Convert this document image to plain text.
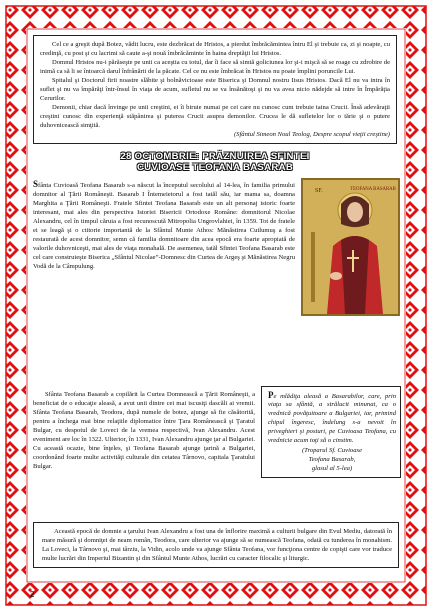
Cel ce a greşit după Botez, vădit lucru, este dezbrăcat de Hristos, a pierdut îmbrăcămintea întru El şi trebuie ca, zi şi noapte, cu credinţă, cu post şi cu lacrimi să caute a-şi nouă îmbrăcăminte în haina dreptăţii lui Hristos.

Domnul Hristos nu-i părăseşte pe unii ca aceştia cu totul, dar îi face să simtă goliciunea lor şi-i mişcă să se roage cu zdrobire de inimă ca să li se întoarcă darul înfrânării de la păcate. Cel ce nu este îmbrăcat în Hristos nu poate împlini poruncile Lui.

Spitalul şi Doctorul firii noastre slăbite şi bolnăvicioase este Biserica şi Domnul nostru Iisus Hristos. Dacă El nu va intra în suflet şi nu va împărăţi într-însul în viaţa de acum, sufletul nu se va însănătoşi şi nu va avea nicio nădejde să intre în Împărăţia Cerurilor.

Demonii, chiar dacă învinge pe unii creştini, ei îi biruie numai pe cei care nu cunosc cum trebuie taina Crucii. Însă adevăraţii creştini cunosc din experienţă stăpânirea şi puterea Crucii asupra demonilor. Crucea le dă sufletelor lor o tărie şi o putere duhovnicească simţită.

(Sfântul Simeon Noul Teolog, Despre scopul vieţii creştine)

28 OCTOMBRIE: PRĂZNUIREA SFINTEI
CUVIOASE TEOFANA BASARAB
Sfânta Cuvioasă Teofana Basarab s-a născut la începutul secolului al 14-lea, în familia primului domnitor al Ţării Româneşti. Basarab I Întemeietorul a fost tatăl său, iar mama sa, doamna Marghita a Ţării Româneşti. Fratele Sfintei Teofana Basarab este un alt personaj istoric foarte interesant, mai ales din perspectiva Istoriei Bisericii Ortodoxe Române: domnitorul Nicolae Alexandru, cel în timpul căruia a fost recunoscută Mitropolia Ungrovlahiei, în 1359. Tot de fratele ei se leagă şi o ctitorie importantă de la Sfântul Munte Athos: Mănăstirea Cutlumuş a fost restaurată de acest domnitor, semn că familia domnitoare din acea epocă era foarte apropiată de valorile duhovniceşti, mai ales de viaţa monahală. De asemenea, tatăl Sfintei Teofana Basarab este cel care construieşte Biserica „Sfântul Nicolae”-Domnesc din Curtea de Argeş şi Mănăstirea Negru Vodă de la Câmpulung.
SF.	TEOFANA BASARAB

Sfânta Teofana Basarab a copilărit la Curtea Domnească a Ţării Româneşti, a beneficiat de o educaţie aleasă, a avut unii dintre cei mai iscusiţi dascăli ai vremii. Sfânta Teofana Basarab, Teodora, după numele de botez, ajunge să fie căsătorită, pentru a închega mai bine relaţiile diplomatice între Ţara Românească şi Ţaratul Bulgar, cu despotul de Loveci de la vremea respectivă, Ivan Alexandru. Acest eveniment are loc în 1322. Ulterior, în 1331, Ivan Alexandru ajunge ţar al Bulgariei. Cu această ocazie, bine înţeles, şi Teofana Basarab ajunge ţarină a Bulgariei, coordonând foarte multe activităţi culturale din cetatea Târnovo, capitala Ţaratului Bulgar.

Pe mlădiţa aleasă a Basarabilor, care, prin viaţa sa sfântă, a strălucit minunat, ca o vrednică povăţuitoare a Bulgariei, iar, primind chipul îngeresc, îndelung s-a nevoit în priveghieri şi posturi, pe Cuvioasa Teofana, cu vrednicie acum toţi să o cinstim.

(Troparul Sf. Cuvioase
Teofana Basarab,
glasul al 5-lea)

Această epocă de domnie a ţarului Ivan Alexandru a fost una de înflorire maximă a culturii bulgare din Evul Mediu, datorată în mare măsură şi domniţei de neam român, Teodora, care ulterior va ajunge să se numească Teofana, odată cu tunderea în monahism. La Loveci, la Târnovo şi, mai târziu, la Vidin, acolo unde va ajunge Sfânta Teofana, vor funcţiona centre de copişti care vor traduce multe lucrări din Imperiul Bizantin şi din Sfântul Munte Athos, lucrări cu caracter filocalic şi liturgic.

2
